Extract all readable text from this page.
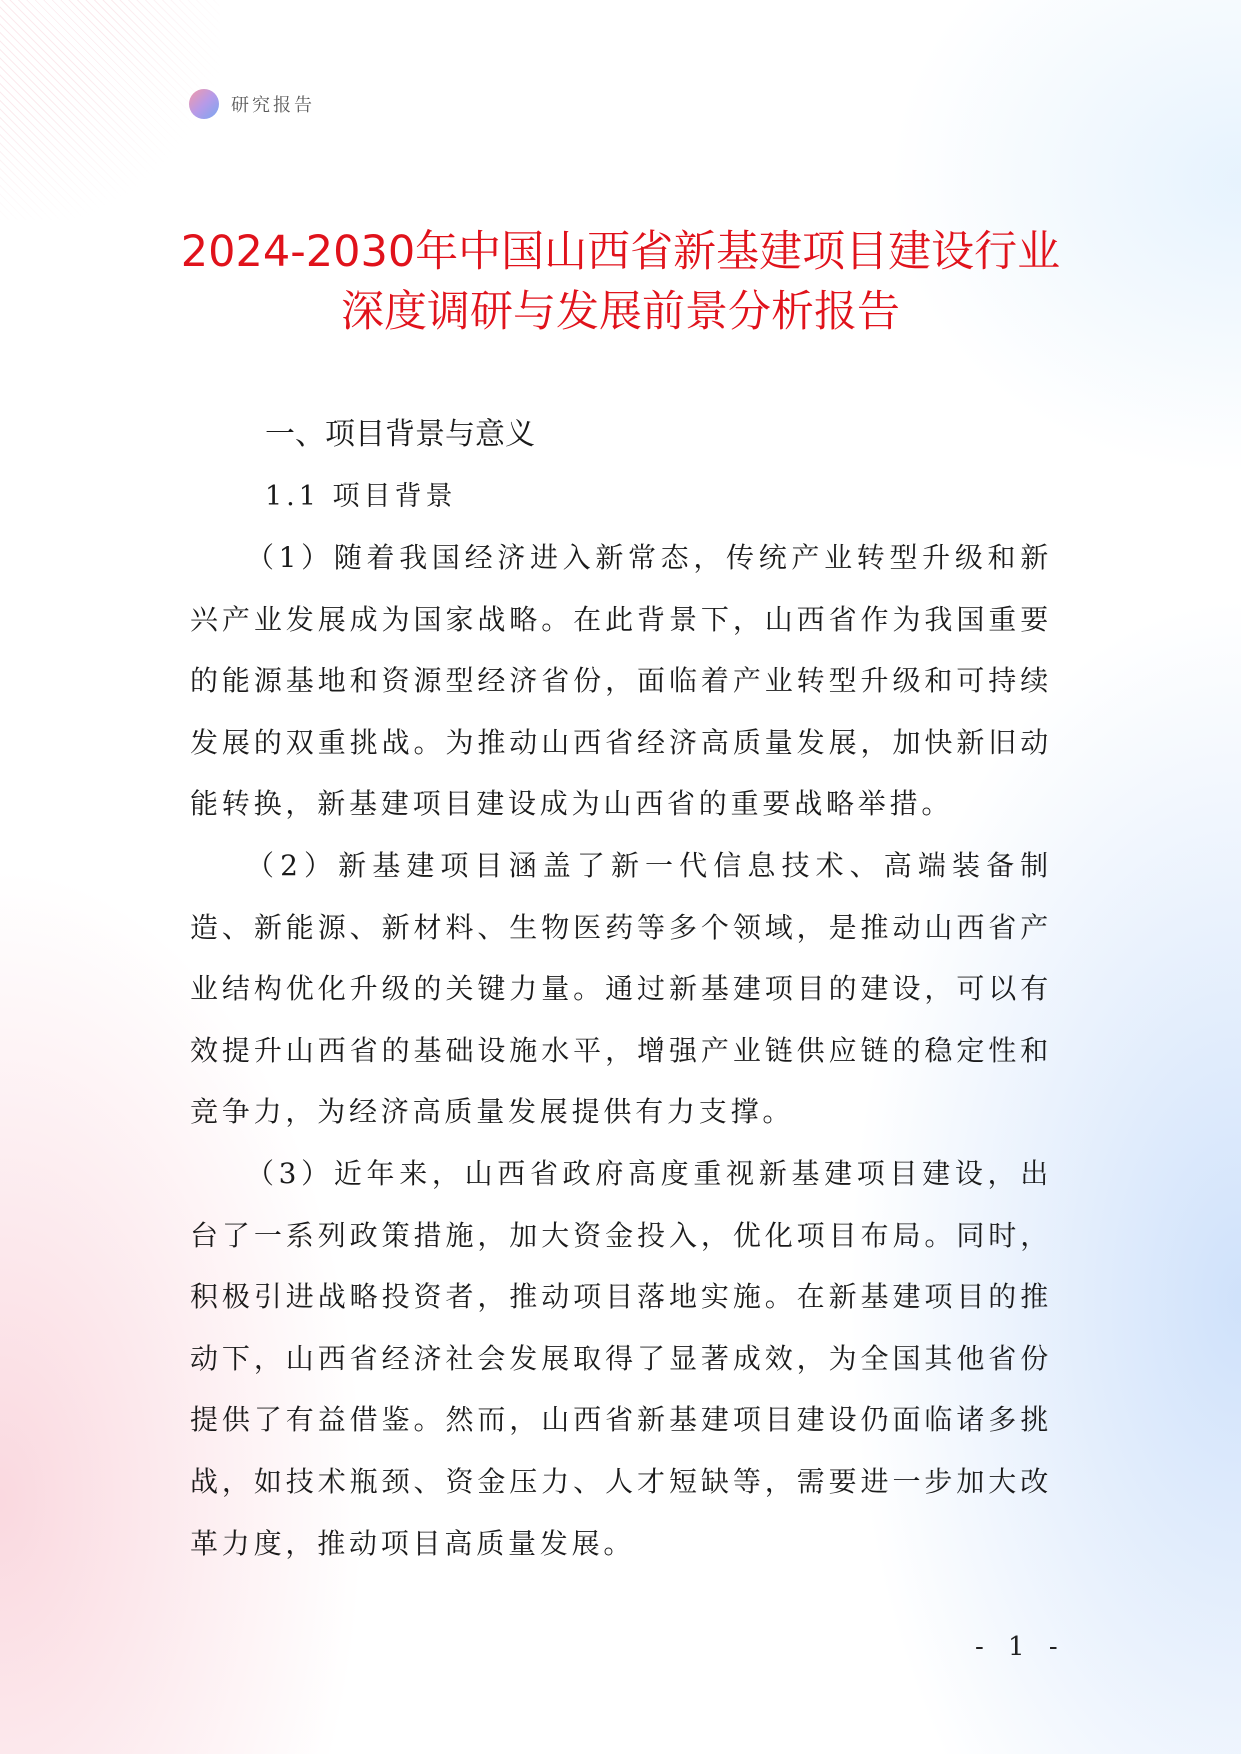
研究报告
2024-2030年中国山西省新基建项目建设行业深度调研与发展前景分析报告
一、项目背景与意义
1.1 项目背景

（1）随着我国经济进入新常态，传统产业转型升级和新兴产业发展成为国家战略。在此背景下，山西省作为我国重要的能源基地和资源型经济省份，面临着产业转型升级和可持续发展的双重挑战。为推动山西省经济高质量发展，加快新旧动能转换，新基建项目建设成为山西省的重要战略举措。

（2）新基建项目涵盖了新一代信息技术、高端装备制造、新能源、新材料、生物医药等多个领域，是推动山西省产业结构优化升级的关键力量。通过新基建项目的建设，可以有效提升山西省的基础设施水平，增强产业链供应链的稳定性和竞争力，为经济高质量发展提供有力支撑。

（3）近年来，山西省政府高度重视新基建项目建设，出台了一系列政策措施，加大资金投入，优化项目布局。同时，积极引进战略投资者，推动项目落地实施。在新基建项目的推动下，山西省经济社会发展取得了显著成效，为全国其他省份提供了有益借鉴。然而，山西省新基建项目建设仍面临诸多挑战，如技术瓶颈、资金压力、人才短缺等，需要进一步加大改革力度，推动项目高质量发展。

- 1 -
